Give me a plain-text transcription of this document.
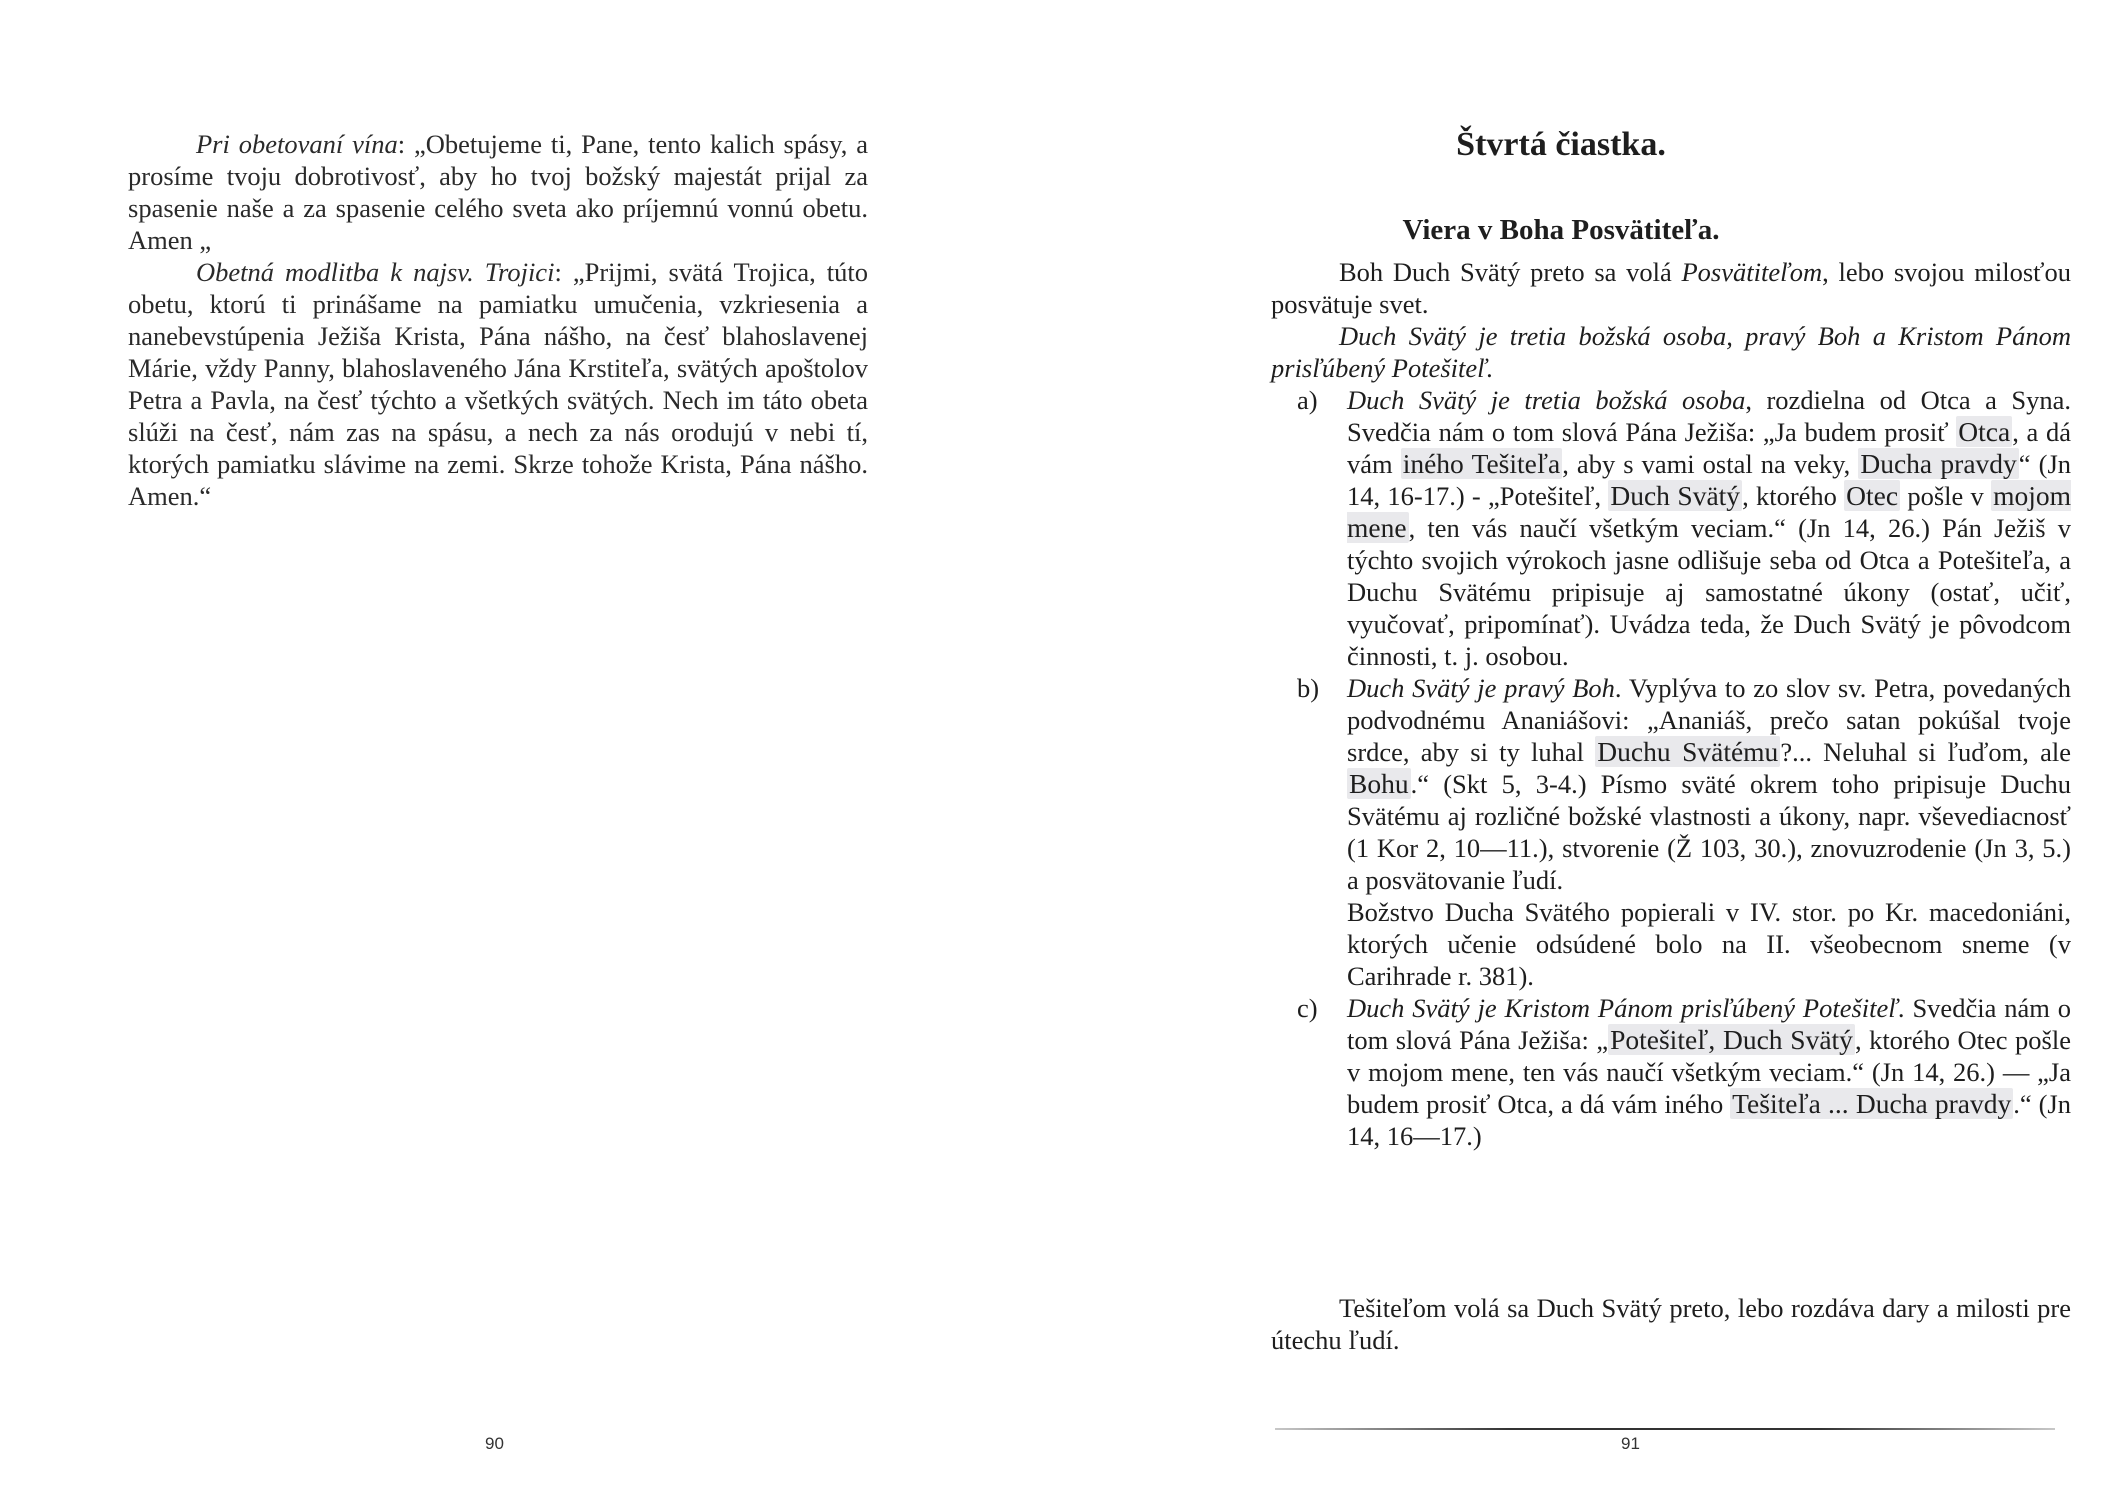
Pri obetovaní vína: „Obetujeme ti, Pane, tento kalich spásy, a prosíme tvoju dobrotivosť, aby ho tvoj božský majestát prijal za spasenie naše a za spasenie celého sveta ako príjemnú vonnú obetu. Amen „

Obetná modlitba k najsv. Trojici: „Prijmi, svätá Trojica, túto obetu, ktorú ti prinášame na pamiatku umučenia, vzkriesenia a nanebevstúpenia Ježiša Krista, Pána nášho, na česť blahoslavenej Márie, vždy Panny, blahoslaveného Jána Krstiteľa, svätých apoštolov Petra a Pavla, na česť týchto a všetkých svätých. Nech im táto obeta slúži na česť, nám zas na spásu, a nech za nás orodujú v nebi tí, ktorých pamiatku slávime na zemi. Skrze tohože Krista, Pána nášho. Amen.“

90
Štvrtá čiastka.
Viera v Boha Posvätiteľa.

Boh Duch Svätý preto sa volá Posvätiteľom, lebo svojou milosťou posvätuje svet.

Duch Svätý je tretia božská osoba, pravý Boh a Kristom Pánom prisľúbený Potešiteľ.

a) Duch Svätý je tretia božská osoba, rozdielna od Otca a Syna. Svedčia nám o tom slová Pána Ježiša: „Ja budem prosiť Otca, a dá vám iného Tešiteľa, aby s vami ostal na veky, Ducha pravdy“ (Jn 14, 16-17.) - „Potešiteľ, Duch Svätý, ktorého Otec pošle v mojom mene, ten vás naučí všetkým veciam.“ (Jn 14, 26.) Pán Ježiš v týchto svojich výrokoch jasne odlišuje seba od Otca a Potešiteľa, a Duchu Svätému pripisuje aj samostatné úkony (ostať, učiť, vyučovať, pripomínať). Uvádza teda, že Duch Svätý je pôvodcom činnosti, t. j. osobou.
b) Duch Svätý je pravý Boh. Vyplýva to zo slov sv. Petra, povedaných podvodnému Ananiášovi: „Ananiáš, prečo satan pokúšal tvoje srdce, aby si ty luhal Duchu Svätému?... Neluhal si ľuďom, ale Bohu.“ (Skt 5, 3-4.) Písmo sväté okrem toho pripisuje Duchu Svätému aj rozličné božské vlastnosti a úkony, napr. vševediacnosť (1 Kor 2, 10—11.), stvorenie (Ž 103, 30.), znovuzrodenie (Jn 3, 5.) a posvätovanie ľudí.

Božstvo Ducha Svätého popierali v IV. stor. po Kr. macedoniáni, ktorých učenie odsúdené bolo na II. všeobecnom sneme (v Carihrade r. 381).

c) Duch Svätý je Kristom Pánom prisľúbený Potešiteľ. Svedčia nám o tom slová Pána Ježiša: „Potešiteľ, Duch Svätý, ktorého Otec pošle v mojom mene, ten vás naučí všetkým veciam.“ (Jn 14, 26.) — „Ja budem prosiť Otca, a dá vám iného Tešiteľa ... Ducha pravdy.“ (Jn 14, 16—17.)

Tešiteľom volá sa Duch Svätý preto, lebo rozdáva dary a milosti pre útechu ľudí.

91
